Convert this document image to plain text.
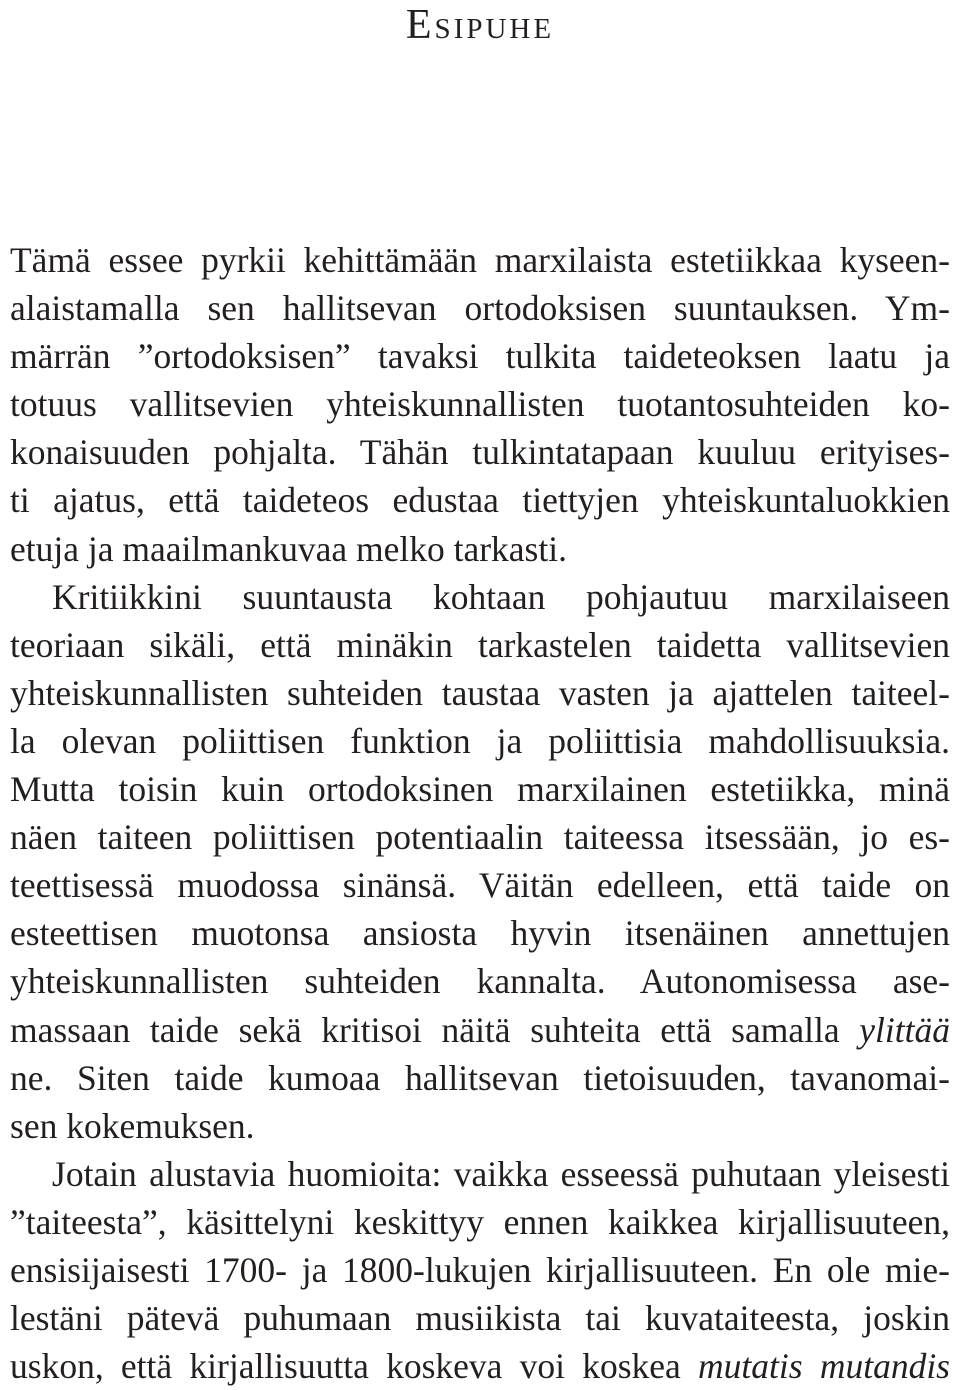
Esipuhe
Tämä essee pyrkii kehittämään marxilaista estetiikkaa kyseen-
alaistamalla sen hallitsevan ortodoksisen suuntauksen. Ym-
märrän ”ortodoksisen” tavaksi tulkita taideteoksen laatu ja
totuus vallitsevien yhteiskunnallisten tuotantosuhteiden ko-
konaisuuden pohjalta. Tähän tulkintatapaan kuuluu erityises-
ti ajatus, että taideteos edustaa tiettyjen yhteiskuntaluokkien
etuja ja maailmankuvaa melko tarkasti.
Kritiikkini suuntausta kohtaan pohjautuu marxilaiseen
teoriaan sikäli, että minäkin tarkastelen taidetta vallitsevien
yhteiskunnallisten suhteiden taustaa vasten ja ajattelen taiteel-
la olevan poliittisen funktion ja poliittisia mahdollisuuksia.
Mutta toisin kuin ortodoksinen marxilainen estetiikka, minä
näen taiteen poliittisen potentiaalin taiteessa itsessään, jo es-
teettisessä muodossa sinänsä. Väitän edelleen, että taide on
esteettisen muotonsa ansiosta hyvin itsenäinen annettujen
yhteiskunnallisten suhteiden kannalta. Autonomisessa ase-
massaan taide sekä kritisoi näitä suhteita että samalla ylittää
ne. Siten taide kumoaa hallitsevan tietoisuuden, tavanomai-
sen kokemuksen.
Jotain alustavia huomioita: vaikka esseessä puhutaan yleisesti
”taiteesta”, käsittelyni keskittyy ennen kaikkea kirjallisuuteen,
ensisijaisesti 1700- ja 1800-lukujen kirjallisuuteen. En ole mie-
lestäni pätevä puhumaan musiikista tai kuvataiteesta, joskin
uskon, että kirjallisuutta koskeva voi koskea mutatis mutandis
